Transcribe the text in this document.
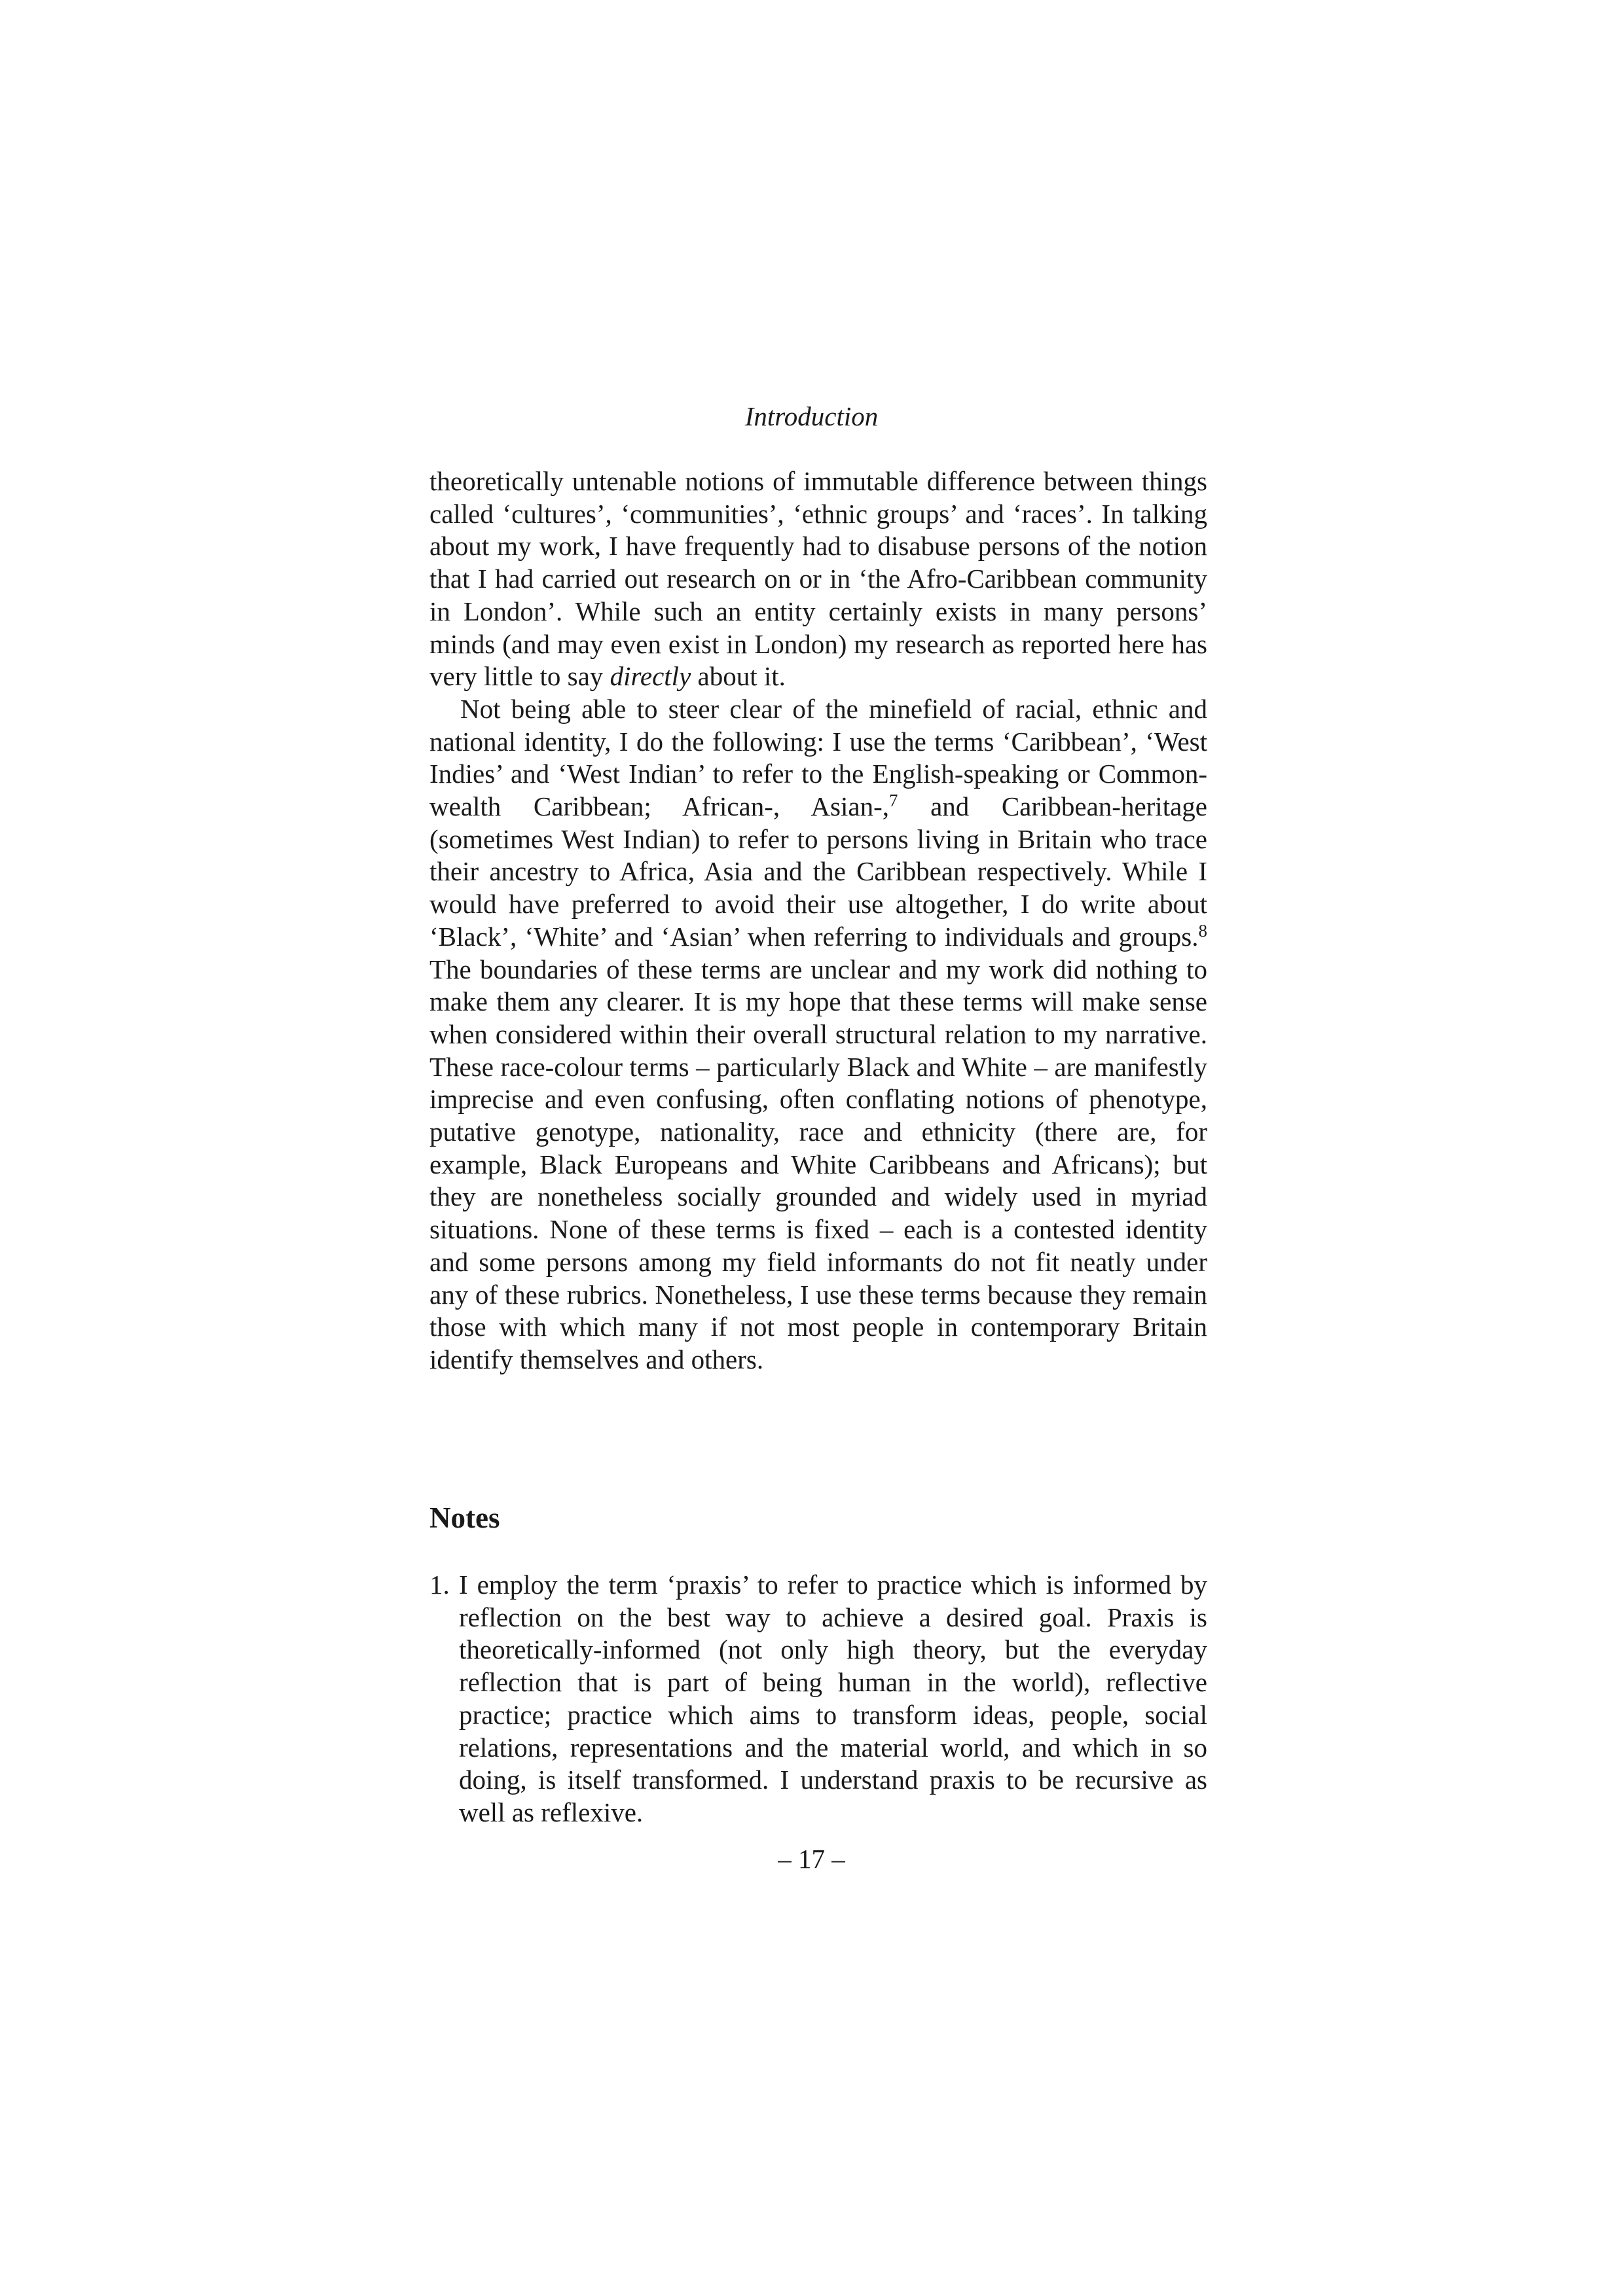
Introduction

theoretically untenable notions of immutable difference between things called ‘cultures’, ‘communities’, ‘ethnic groups’ and ‘races’. In talking about my work, I have frequently had to disabuse persons of the notion that I had carried out research on or in ‘the Afro-Caribbean community in London’. While such an entity certainly exists in many persons’ minds (and may even exist in London) my research as reported here has very little to say directly about it.

Not being able to steer clear of the minefield of racial, ethnic and national identity, I do the following: I use the terms ‘Caribbean’, ‘West Indies’ and ‘West Indian’ to refer to the English-speaking or Commonwealth Caribbean; African-, Asian-,$^7$ and Caribbean-heritage (sometimes West Indian) to refer to persons living in Britain who trace their ancestry to Africa, Asia and the Caribbean respectively. While I would have preferred to avoid their use altogether, I do write about ‘Black’, ‘White’ and ‘Asian’ when referring to individuals and groups.$^8$ The boundaries of these terms are unclear and my work did nothing to make them any clearer. It is my hope that these terms will make sense when considered within their overall structural relation to my narrative. These race-colour terms – particularly Black and White – are manifestly imprecise and even confusing, often conflating notions of phenotype, putative genotype, nationality, race and ethnicity (there are, for example, Black Europeans and White Caribbeans and Africans); but they are nonetheless socially grounded and widely used in myriad situations. None of these terms is fixed – each is a contested identity and some persons among my field informants do not fit neatly under any of these rubrics. Nonetheless, I use these terms because they remain those with which many if not most people in contemporary Britain identify themselves and others.

Notes
1. I employ the term ‘praxis’ to refer to practice which is informed by reflection on the best way to achieve a desired goal. Praxis is theoretically-informed (not only high theory, but the everyday reflection that is part of being human in the world), reflective practice; practice which aims to transform ideas, people, social relations, representations and the material world, and which in so doing, is itself transformed. I understand praxis to be recursive as well as reflexive.
– 17 –
